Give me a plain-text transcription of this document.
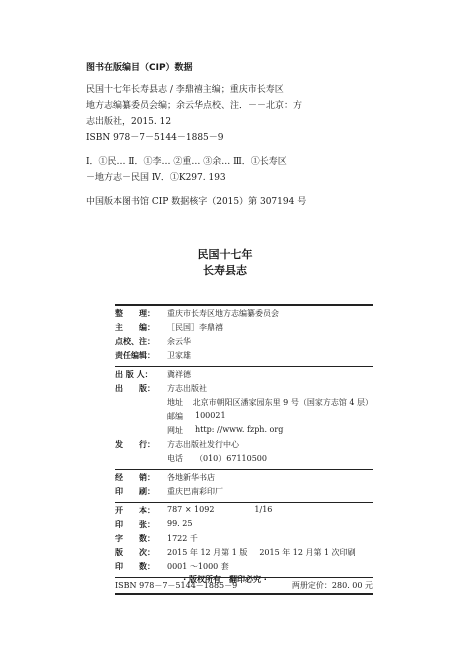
图书在版编目（CIP）数据
民国十七年长寿县志 / 李鼎禧主编；重庆市长寿区
地方志编纂委员会编；余云华点校、注．－－北京：方
志出版社，2015. 12
ISBN 978－7－5144－1885－9
Ⅰ．①民… Ⅱ．①李… ②重… ③余… Ⅲ．①长寿区
－地方志－民国 Ⅳ．①K297. 193
中国版本图书馆 CIP 数据核字（2015）第 307194 号
民国十七年
长寿县志
整　　理：	重庆市长寿区地方志编纂委员会
主　　编：	［民国］李鼎禧
点校、注：	余云华
责任编辑：	卫家雄
出 版 人：	冀祥德
出　　版：	方志出版社
地址	北京市朝阳区潘家园东里 9 号（国家方志馆 4 层）
邮编	100021
网址	http: //www. fzph. org
发　　行：	方志出版社发行中心
电话	（010）67110500
经　　销：	各地新华书店
印　　刷：	重庆巴南彩印厂
开　　本：	787 × 1092	1/16
印　　张：	99. 25
字　　数：	1722 千
版　　次：	2015 年 12 月第 1 版 2015 年 12 月第 1 次印刷
印　　数：	0001 ～1000 套
ISBN 978－7－5144－1885－9	两册定价：280. 00 元
· 版权所有　翻印必究 ·
